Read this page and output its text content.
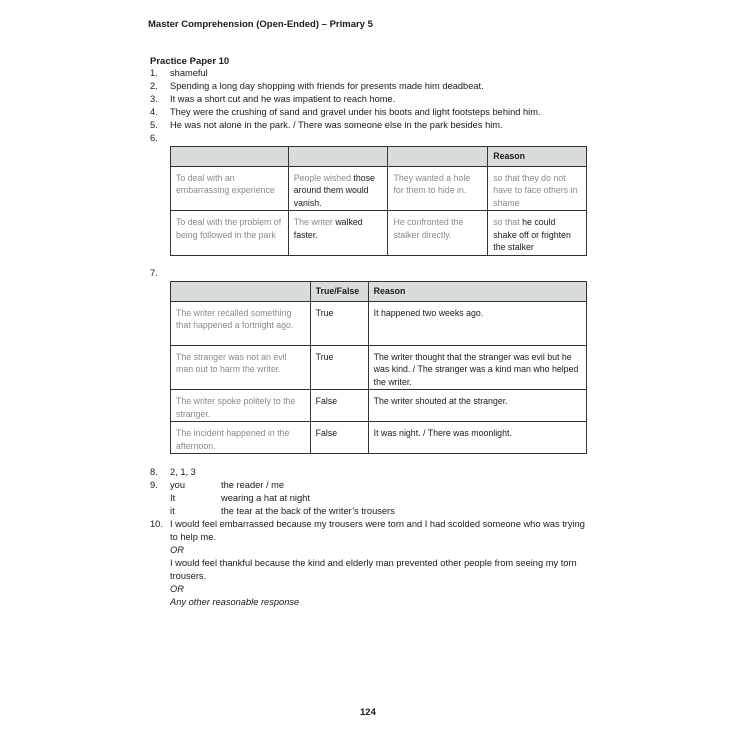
Master Comprehension (Open-Ended) – Primary 5
Practice Paper 10
1. shameful
2. Spending a long day shopping with friends for presents made him deadbeat.
3. It was a short cut and he was impatient to reach home.
4. They were the crushing of sand and gravel under his boots and light footsteps behind him.
5. He was not alone in the park. / There was someone else in the park besides him.
6.
			Reason
To deal with an embarrassing experience	People wished those around them would vanish.	They wanted a hole for them to hide in.	so that they do not have to face others in shame
To deal with the problem of being followed in the park	The writer walked faster.	He confronted the stalker directly.	so that he could shake off or frighten the stalker
7.
	True/False	Reason
The writer recalled something that happened a fortnight ago.	True	It happened two weeks ago.
The stranger was not an evil man out to harm the writer.	True	The writer thought that the stranger was evil but he was kind. / The stranger was a kind man who helped the writer.
The writer spoke politely to the stranger.	False	The writer shouted at the stranger.
The incident happened in the afternoon.	False	It was night. / There was moonlight.
8. 2, 1, 3
9. you	the reader / me
It	wearing a hat at night
it	the tear at the back of the writer’s trousers
10. I would feel embarrassed because my trousers were torn and I had scolded someone who was trying
to help me.
OR
I would feel thankful because the kind and elderly man prevented other people from seeing my torn
trousers.
OR
Any other reasonable response
124
